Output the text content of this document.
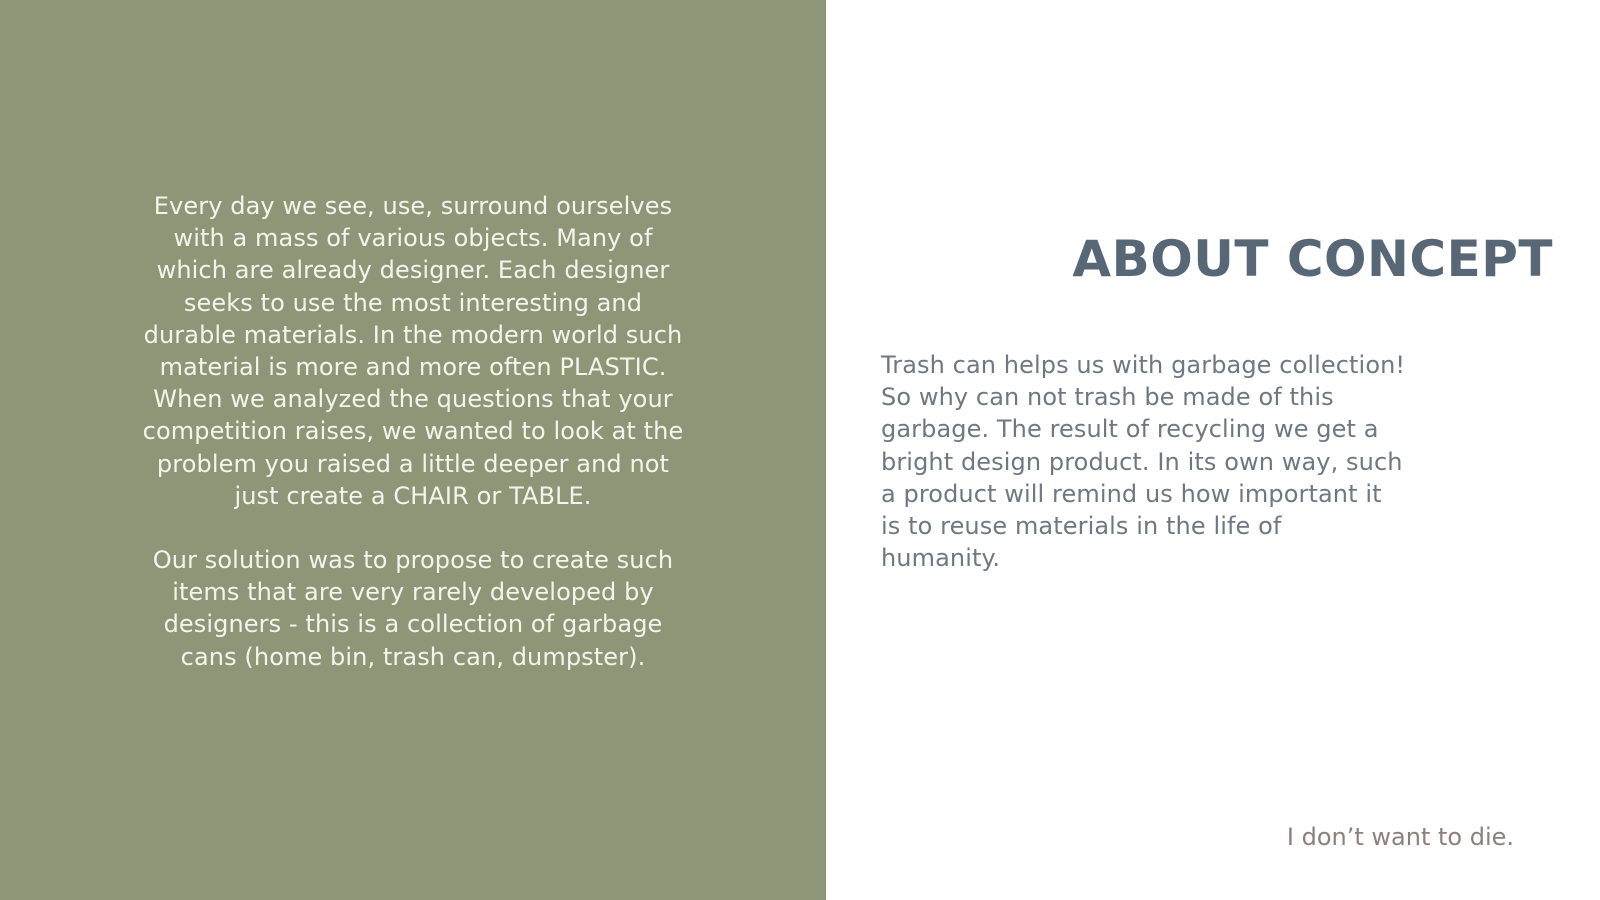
Every day we see, use, surround ourselves with a mass of various objects. Many of which are already designer. Each designer seeks to use the most interesting and durable materials. In the modern world such material is more and more often PLASTIC. When we analyzed the questions that your competition raises, we wanted to look at the problem you raised a little deeper and not just create a CHAIR or TABLE.

Our solution was to propose to create such items that are very rarely developed by designers - this is a collection of garbage cans (home bin, trash can, dumpster).

ABOUT CONCEPT

Trash can helps us with garbage collection! So why can not trash be made of this garbage. The result of recycling we get a bright design product. In its own way, such a product will remind us how important it is to reuse materials in the life of humanity.

I don’t want to die.
